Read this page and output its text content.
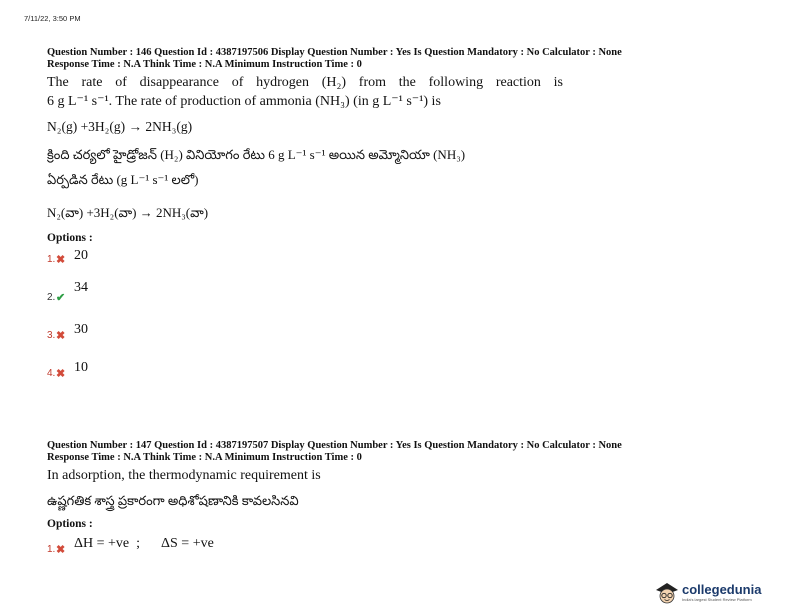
7/11/22, 3:50 PM
Question Number : 146 Question Id : 4387197506 Display Question Number : Yes Is Question Mandatory : No Calculator : None
Response Time : N.A Think Time : N.A Minimum Instruction Time : 0
The rate of disappearance of hydrogen (H₂) from the following reaction is
6 g L⁻¹ s⁻¹. The rate of production of ammonia (NH₃) (in g L⁻¹ s⁻¹) is
N₂(g) +3H₂(g) → 2NH₃(g)
క్రింది చర్యలో హైడ్రోజన్ (H₂) వినియోగం రేటు 6 g L⁻¹ s⁻¹ అయిన అమ్మోనియా (NH₃)
ఏర్పడిన రేటు (g L⁻¹ s⁻¹ లలో)
N₂(వా) +3H₂(వా) → 2NH₃(వా)
Options :
1. ✖ 20
2. ✔
34
3. ✖ 30
4. ✖ 10
Question Number : 147 Question Id : 4387197507 Display Question Number : Yes Is Question Mandatory : No Calculator : None
Response Time : N.A Think Time : N.A Minimum Instruction Time : 0
In adsorption, the thermodynamic requirement is
ఉష్ణగతిక శాస్త్ర ప్రకారంగా అధిశోషణానికి కావలసినవి
Options :
1. ✖ ΔH = +ve  ;      ΔS = +ve
collegedunia
India's largest Student Review Platform
